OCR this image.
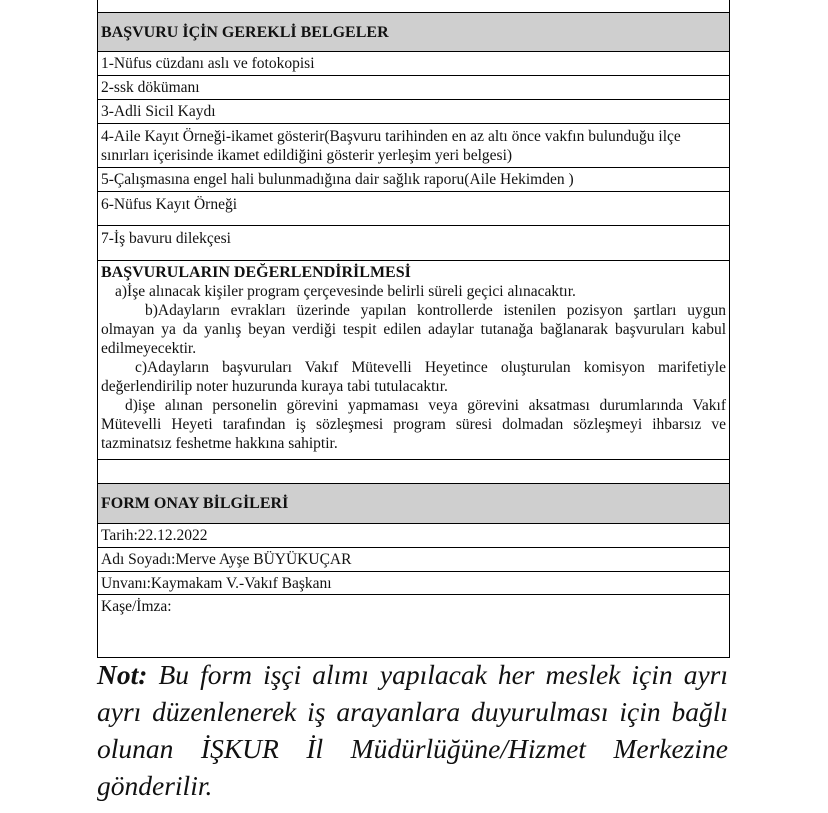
BAŞVURU İÇİN GEREKLİ BELGELER
1-Nüfus cüzdanı aslı ve fotokopisi
2-ssk dökümanı
3-Adli Sicil Kaydı
4-Aile Kayıt Örneği-ikamet gösterir(Başvuru tarihinden en az altı önce vakfın bulunduğu ilçe sınırları içerisinde ikamet edildiğini gösterir yerleşim yeri belgesi)
5-Çalışmasına engel hali bulunmadığına dair sağlık raporu(Aile Hekimden )
6-Nüfus Kayıt Örneği
7-İş bavuru dilekçesi
BAŞVURULARIN DEĞERLENDİRİLMESİ
a)İşe alınacak kişiler program çerçevesinde belirli süreli geçici alınacaktır.
b)Adayların evrakları üzerinde yapılan kontrollerde istenilen pozisyon şartları uygun olmayan ya da yanlış beyan verdiği tespit edilen adaylar tutanağa bağlanarak başvuruları kabul edilmeyecektir.
c)Adayların başvuruları Vakıf Mütevelli Heyetince oluşturulan komisyon marifetiyle değerlendirilip noter huzurunda kuraya tabi tutulacaktır.
d)işe alınan personelin görevini yapmaması veya görevini aksatması durumlarında Vakıf Mütevelli Heyeti tarafından iş sözleşmesi program süresi dolmadan sözleşmeyi ihbarsız ve tazminatsız feshetme hakkına sahiptir.
FORM ONAY BİLGİLERİ
Tarih:22.12.2022
Adı Soyadı:Merve Ayşe BÜYÜKUÇAR
Unvanı:Kaymakam V.-Vakıf Başkanı
Kaşe/İmza:
Not: Bu form işçi alımı yapılacak her meslek için ayrı ayrı düzenlenerek iş arayanlara duyurulması için bağlı olunan İŞKUR İl Müdürlüğüne/Hizmet Merkezine gönderilir.
